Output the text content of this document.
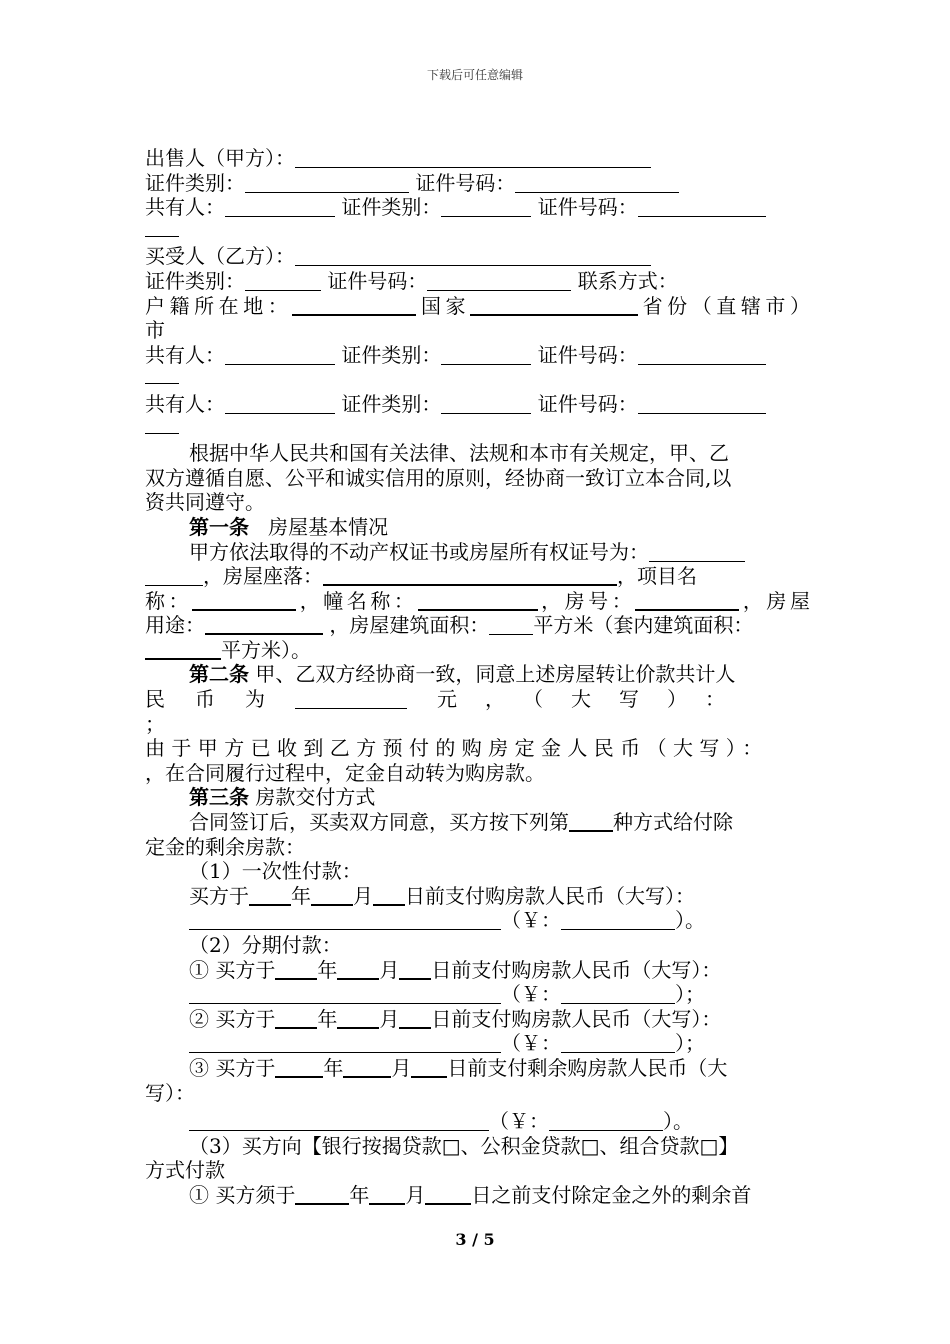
下载后可任意编辑
出售人（甲方）：
证件类别：	证件号码：
共有人：	证件类别：	证件号码：
买受人（乙方）：
证件类别：	证件号码：	联系方式：
户籍所在地：	国家	省份（直辖市）
市
共有人：	证件类别：	证件号码：
共有人：	证件类别：	证件号码：
根据中华人民共和国有关法律、法规和本市有关规定，甲、乙
双方遵循自愿、公平和诚实信用的原则，经协商一致订立本合同,以
资共同遵守。
第一条 房屋基本情况
甲方依法取得的不动产权证书或房屋所有权证号为：
，房屋座落：	，项目名
称：	，幢名称：	，房号：	，房屋
用途：	，房屋建筑面积： 平方米（套内建筑面积：
平方米）。
第二条 甲、乙双方经协商一致，同意上述房屋转让价款共计人
民币为	元，（大写）：
；
由于甲方已收到乙方预付的购房定金人民币（大写）：
，在合同履行过程中，定金自动转为购房款。
第三条 房款交付方式
合同签订后，买卖双方同意，买方按下列第 种方式给付除
定金的剩余房款：
（1）一次性付款：
买方于 年 月 日前支付购房款人民币（大写）：
（￥：	）。
（2）分期付款：
① 买方于 年 月 日前支付购房款人民币（大写）：
（￥：	）；
② 买方于 年 月 日前支付购房款人民币（大写）：
（￥：	）；
③ 买方于 年 月 日前支付剩余购房款人民币（大
写）：
（￥：	）。
（3）买方向【银行按揭贷款□、公积金贷款□、组合贷款□】
方式付款
① 买方须于	年 月 日之前支付除定金之外的剩余首
3 / 5
